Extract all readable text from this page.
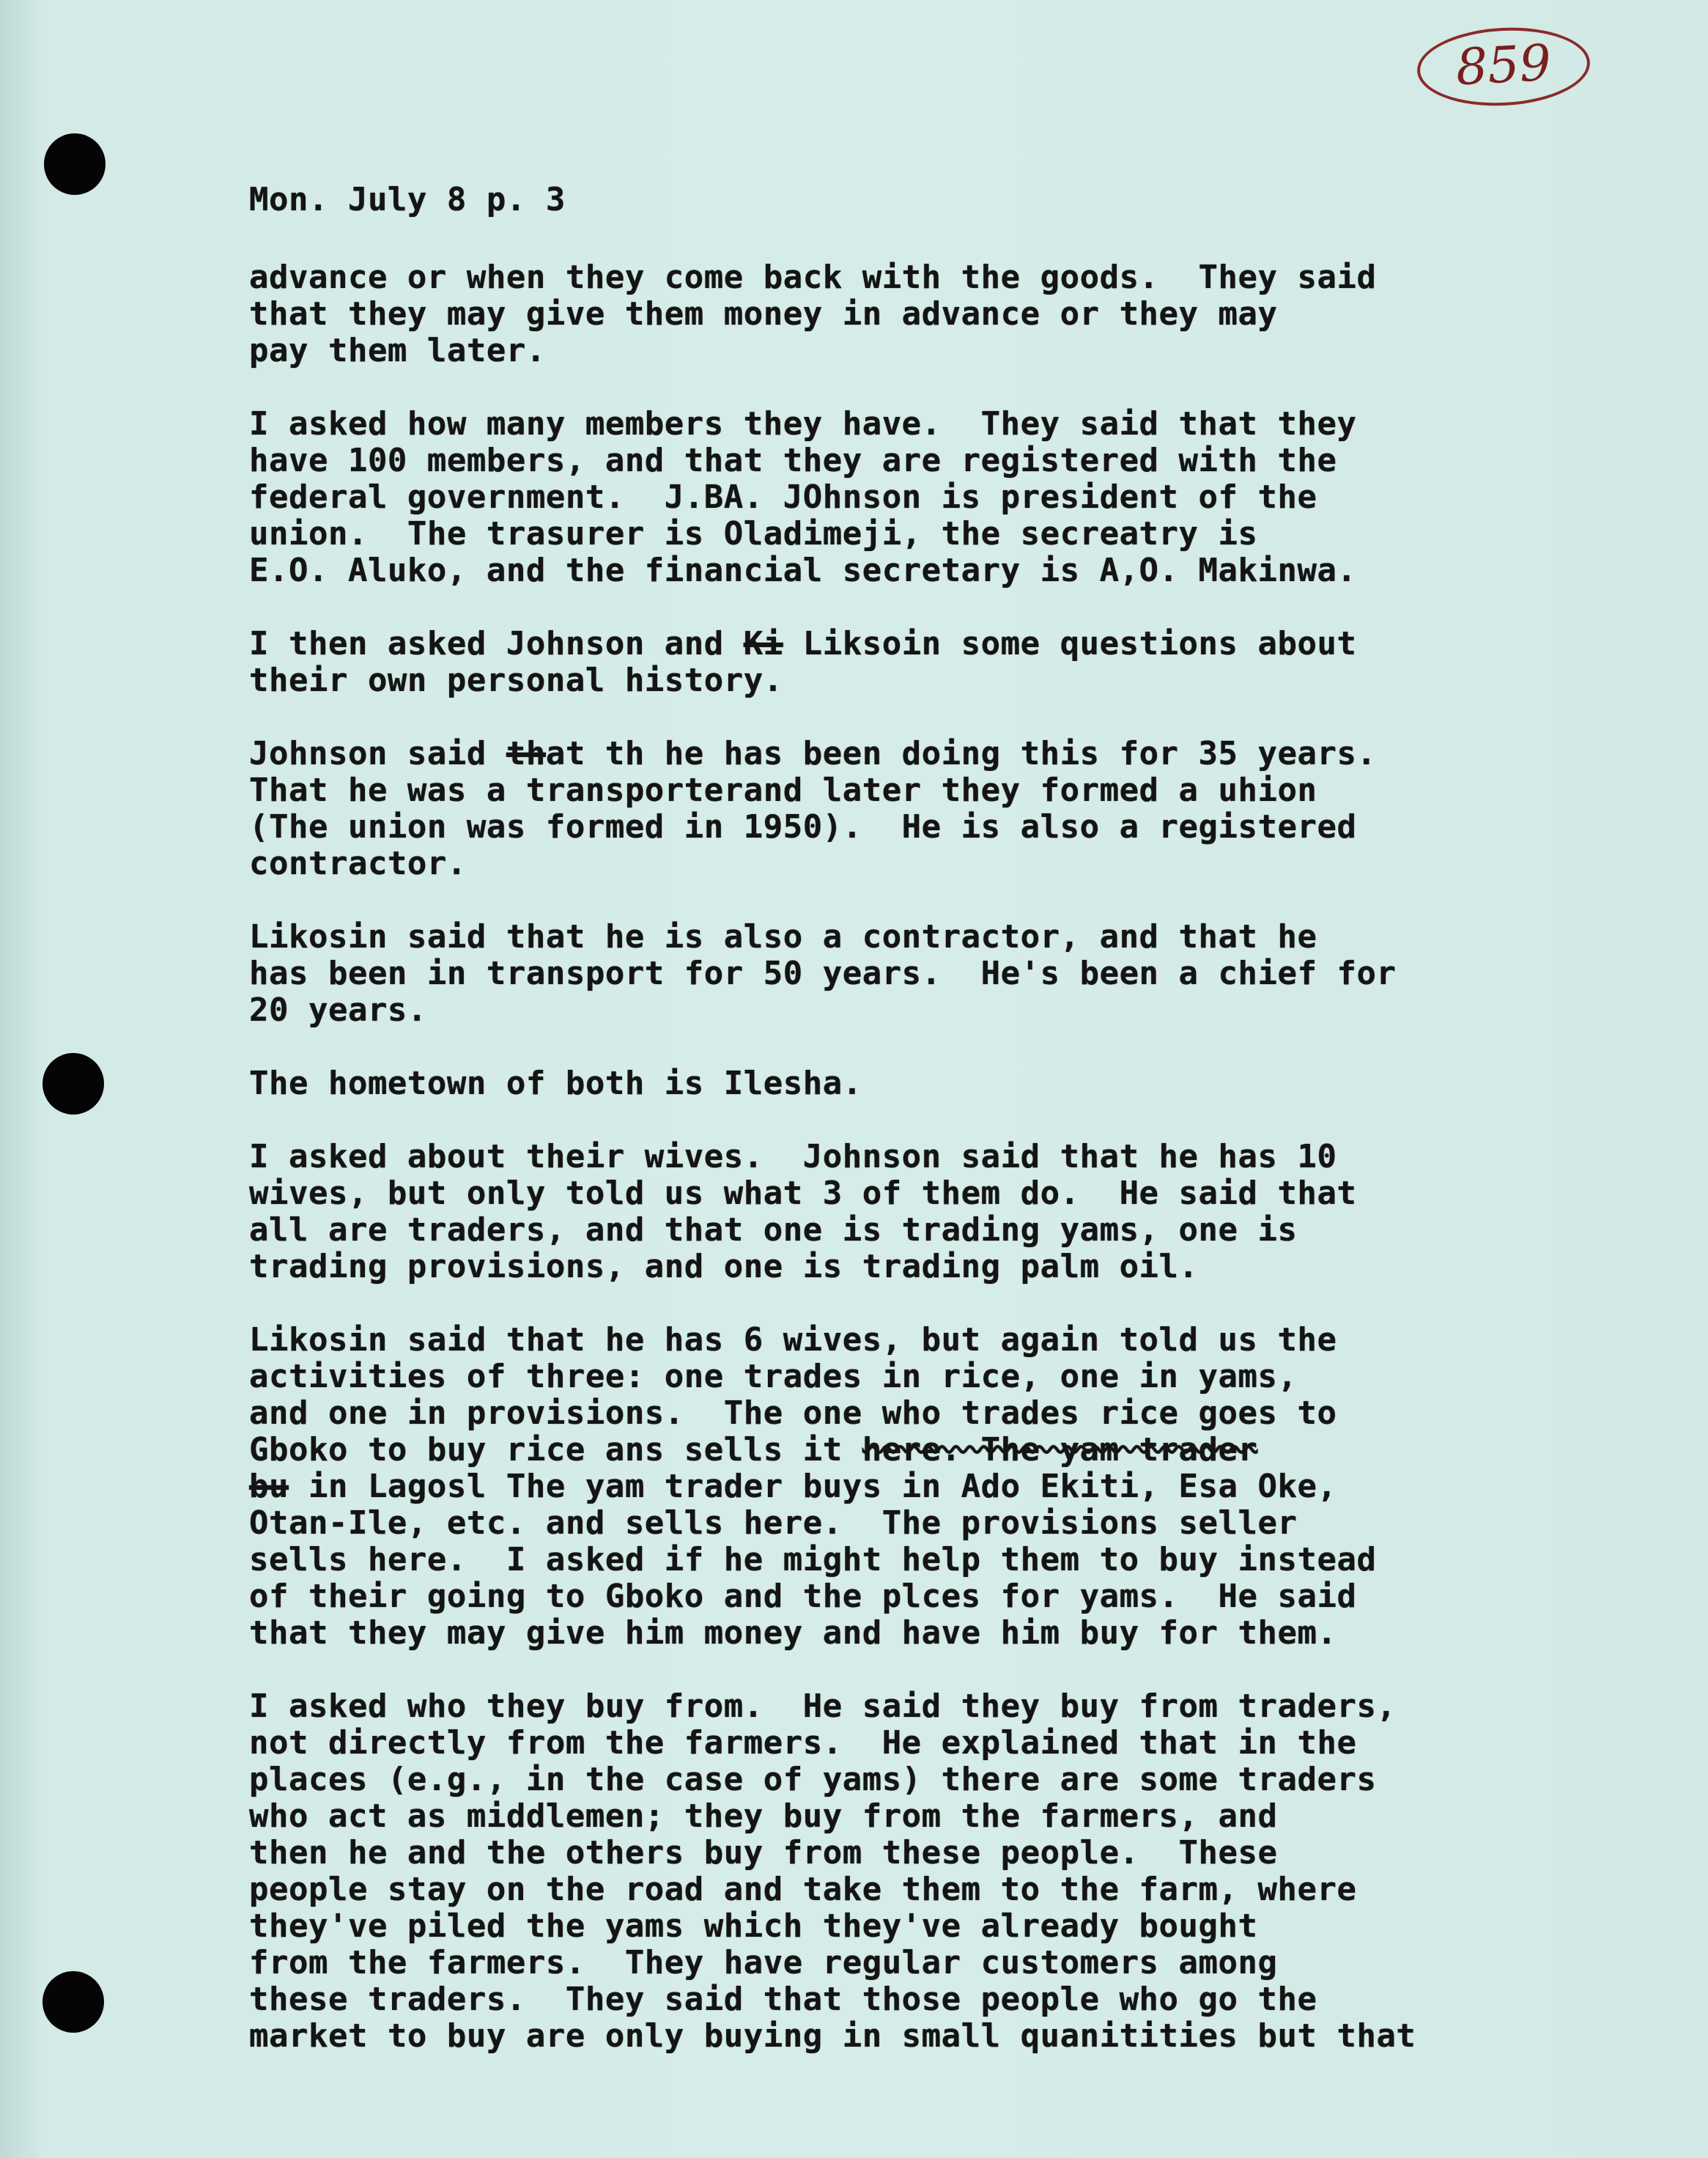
859
Mon. July 8 p. 3
advance or when they come back with the goods.  They said
that they may give them money in advance or they may
pay them later.
I asked how many members they have.  They said that they
have 100 members, and that they are registered with the
federal government.  J.BA. JOhnson is president of the
union.  The trasurer is Oladimeji, the secreatry is
E.O. Aluko, and the financial secretary is A,O. Makinwa.
I then asked Johnson and Ki Liksoin some questions about
their own personal history.
Johnson said that th he has been doing this for 35 years.
That he was a transporterand later they formed a uhion
(The union was formed in 1950).  He is also a registered
contractor.
Likosin said that he is also a contractor, and that he
has been in transport for 50 years.  He's been a chief for
20 years.
The hometown of both is Ilesha.
I asked about their wives.  Johnson said that he has 10
wives, but only told us what 3 of them do.  He said that
all are traders, and that one is trading yams, one is
trading provisions, and one is trading palm oil.
Likosin said that he has 6 wives, but again told us the
activities of three: one trades in rice, one in yams,
and one in provisions.  The one who trades rice goes to
Gboko to buy rice ans sells it here. The yam trader
bu in Lagosl The yam trader buys in Ado Ekiti, Esa Oke,
Otan-Ile, etc. and sells here.  The provisions seller
sells here.  I asked if he might help them to buy instead
of their going to Gboko and the plces for yams.  He said
that they may give him money and have him buy for them.
I asked who they buy from.  He said they buy from traders,
not directly from the farmers.  He explained that in the
places (e.g., in the case of yams) there are some traders
who act as middlemen; they buy from the farmers, and
then he and the others buy from these people.  These
people stay on the road and take them to the farm, where
they've piled the yams which they've already bought
from the farmers.  They have regular customers among
these traders.  They said that those people who go the
market to buy are only buying in small quanitities but that
